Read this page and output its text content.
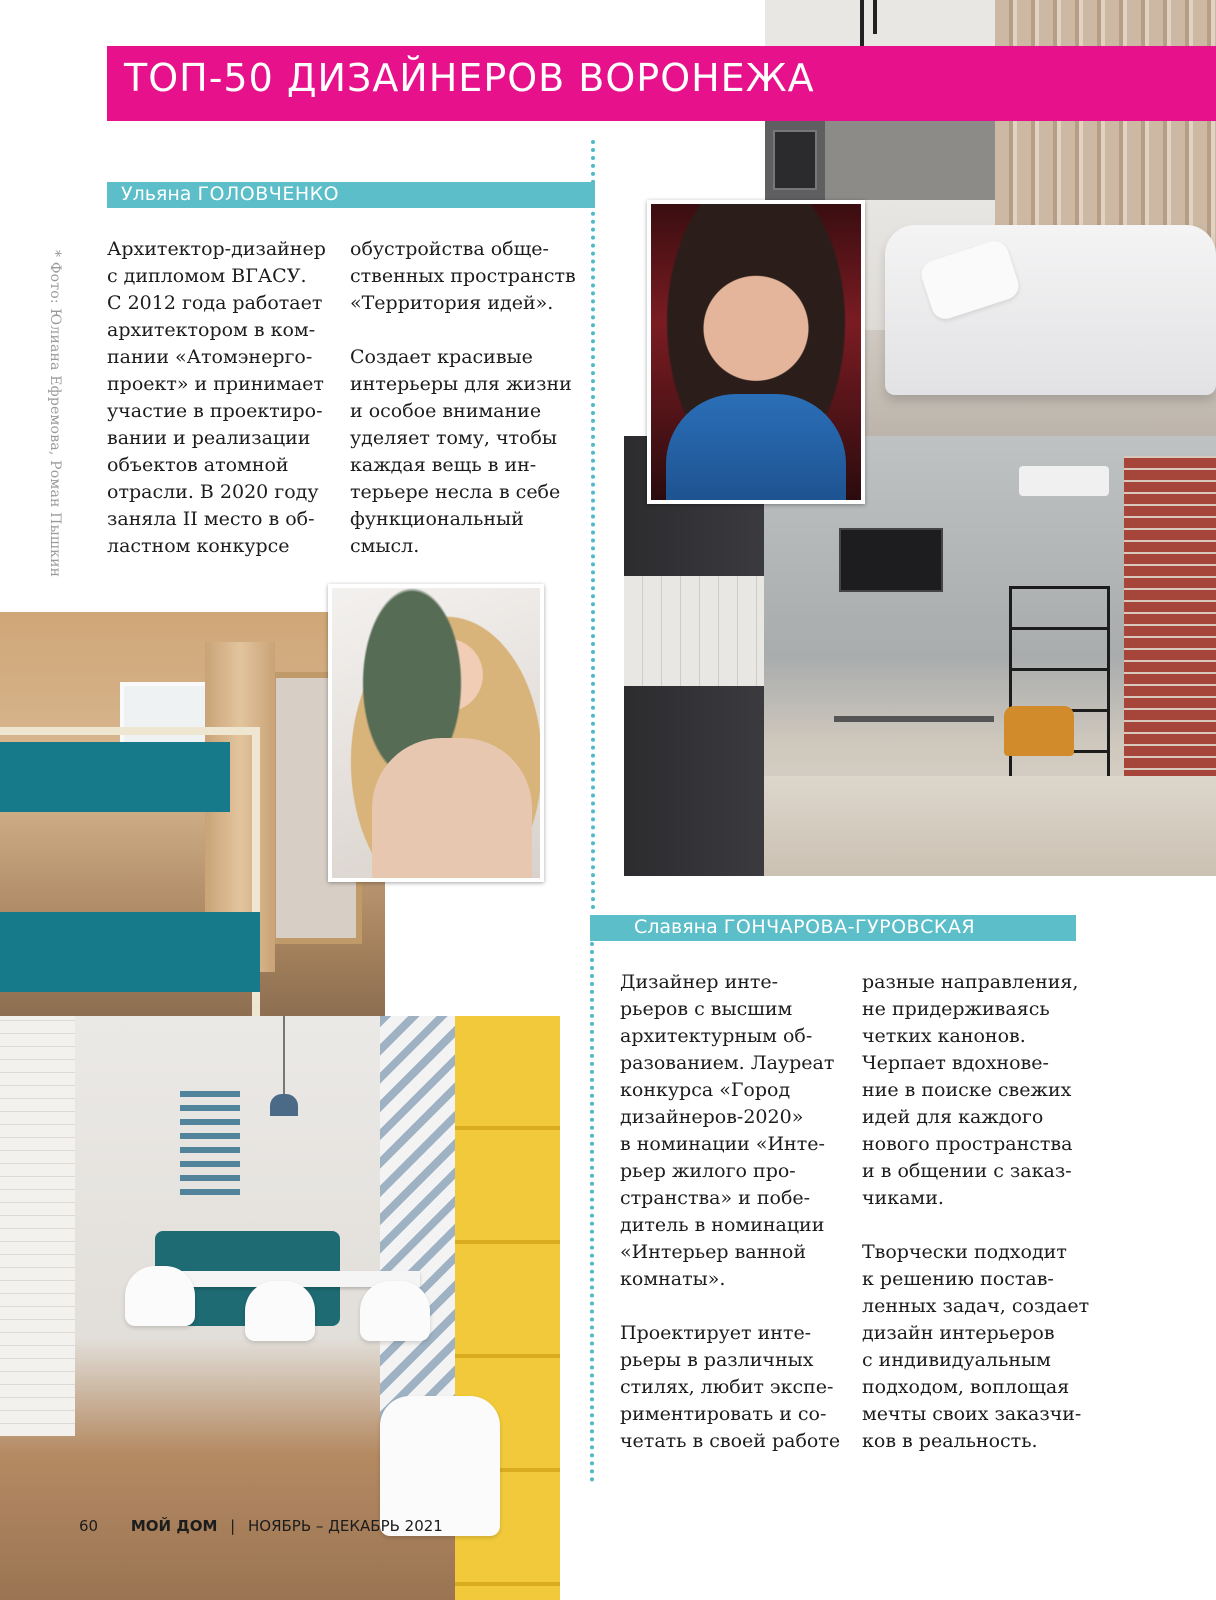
ТОП-50 ДИЗАЙНЕРОВ ВОРОНЕЖА
Ульяна ГОЛОВЧЕНКО

Архитектор-дизайнер
с дипломом ВГАСУ.
С 2012 года работает
архитектором в ком-
пании «Атомэнерго-
проект» и принимает
участие в проектиро-
вании и реализации
объектов атомной
отрасли. В 2020 году
заняла II место в об-
ластном конкурсе

обустройства обще-
ственных пространств
«Территория идей».

Создает красивые
интерьеры для жизни
и особое внимание
уделяет тому, чтобы
каждая вещь в ин-
терьере несла в себе
функциональный
смысл.

* Фото: Юлиана Ефремова, Роман Пышкин
Славяна ГОНЧАРОВА-ГУРОВСКАЯ

Дизайнер инте-
рьеров с высшим
архитектурным об-
разованием. Лауреат
конкурса «Город
дизайнеров-2020»
в номинации «Инте-
рьер жилого про-
странства» и побе-
дитель в номинации
«Интерьер ванной
комнаты».

Проектирует инте-
рьеры в различных
стилях, любит экспе-
риментировать и со-
четать в своей работе

разные направления,
не придерживаясь
четких канонов.
Черпает вдохнове-
ние в поиске свежих
идей для каждого
нового пространства
и в общении с заказ-
чиками.

Творчески подходит
к решению постав-
ленных задач, создает
дизайн интерьеров
с индивидуальным
подходом, воплощая
мечты своих заказчи-
ков в реальность.

60 МОЙ ДОМ | НОЯБРЬ – ДЕКАБРЬ 2021
